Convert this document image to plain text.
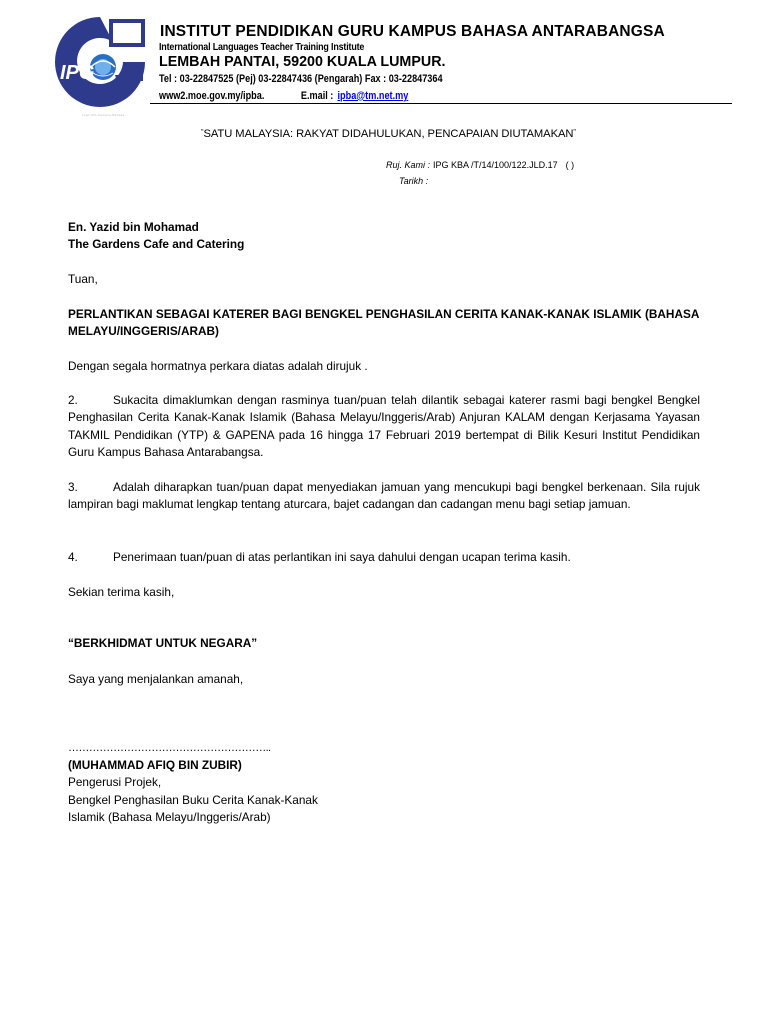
IPG
Logo IPG Kampus Bahasa
INSTITUT PENDIDIKAN GURU KAMPUS BAHASA ANTARABANGSA
International Languages Teacher Training Institute
LEMBAH PANTAI, 59200 KUALA LUMPUR.
Tel : 03-22847525 (Pej) 03-22847436 (Pengarah) Fax : 03-22847364
www2.moe.gov.my/ipba.	E.mail : ipba@tm.net.my
"SATU MALAYSIA: RAKYAT DIDAHULUKAN, PENCAPAIAN DIUTAMAKAN"
Ruj. Kami : IPG KBA /T/14/100/122.JLD.17 ( )
Tarikh :
En. Yazid bin Mohamad
The Gardens Cafe and Catering
Tuan,
PERLANTIKAN SEBAGAI KATERER BAGI BENGKEL PENGHASILAN CERITA KANAK-KANAK ISLAMIK (BAHASA MELAYU/INGGERIS/ARAB)
Dengan segala hormatnya perkara diatas adalah dirujuk .
2.	Sukacita dimaklumkan dengan rasminya tuan/puan telah dilantik sebagai katerer rasmi bagi bengkel Bengkel Penghasilan Cerita Kanak-Kanak Islamik (Bahasa Melayu/Inggeris/Arab) Anjuran KALAM dengan Kerjasama Yayasan TAKMIL Pendidikan (YTP) & GAPENA pada 16 hingga 17 Februari 2019 bertempat di Bilik Kesuri Institut Pendidikan Guru Kampus Bahasa Antarabangsa.
3.	Adalah diharapkan tuan/puan dapat menyediakan jamuan yang mencukupi bagi bengkel berkenaan. Sila rujuk lampiran bagi maklumat lengkap tentang aturcara, bajet cadangan dan cadangan menu bagi setiap jamuan.
4.	Penerimaan tuan/puan di atas perlantikan ini saya dahului dengan ucapan terima kasih.
Sekian terima kasih,
“BERKHIDMAT UNTUK NEGARA”
Saya yang menjalankan amanah,
…………………………………………………..
(MUHAMMAD AFIQ BIN ZUBIR)
Pengerusi Projek,
Bengkel Penghasilan Buku Cerita Kanak-Kanak
Islamik (Bahasa Melayu/Inggeris/Arab)
